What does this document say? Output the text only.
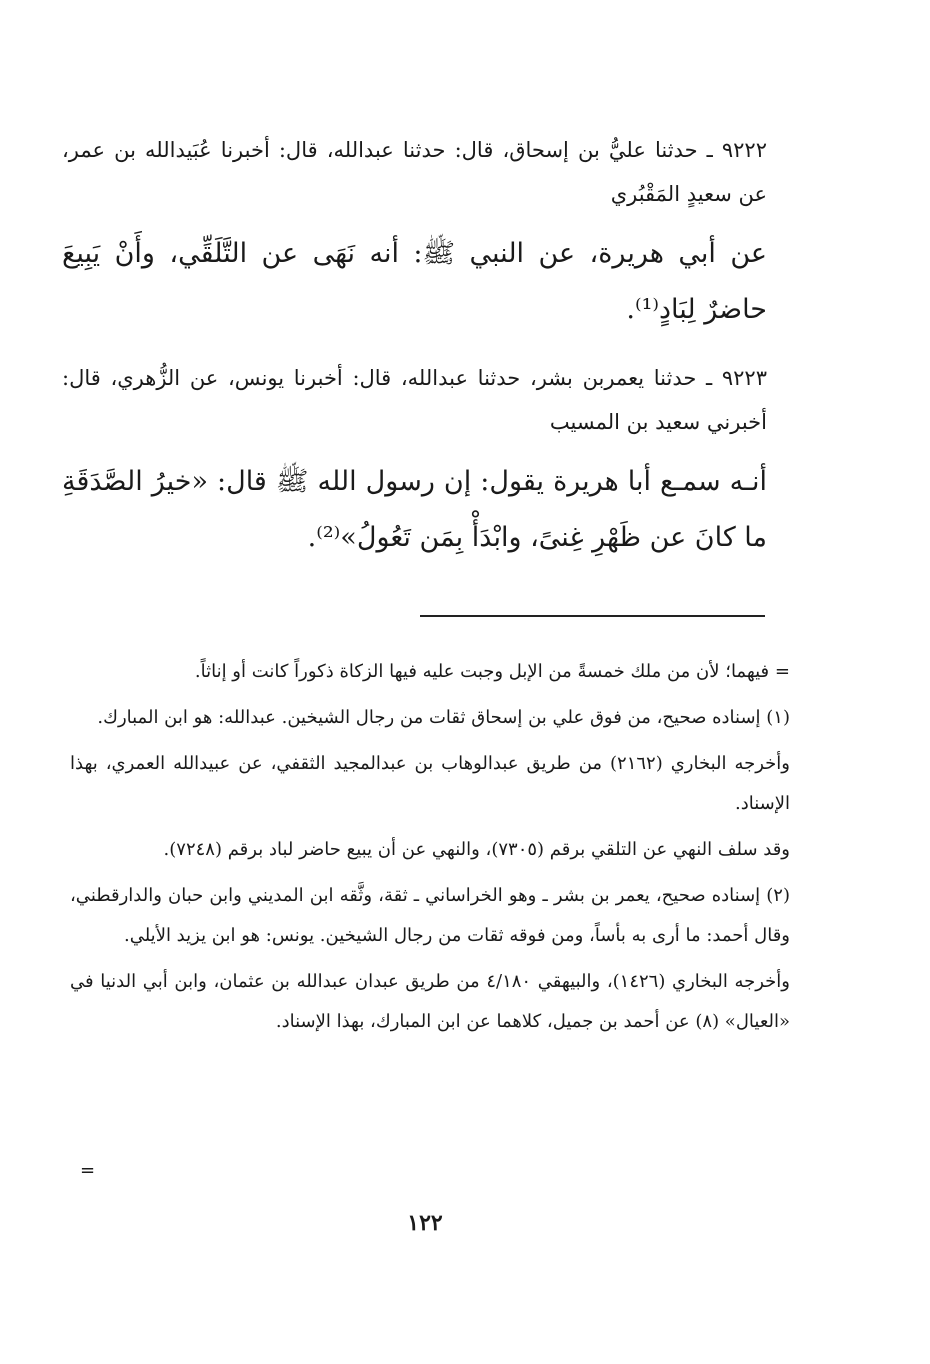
٩٢٢٢ ـ حدثنا عليُّ بن إسحاق، قال: حدثنا عبدالله، قال: أخبرنا عُبَيدالله بن عمر، عن سعيدٍ المَقْبُري

عن أبي هريرة، عن النبي ﷺ: أنه نَهَى عن التَّلَقِّي، وأَنْ يَبِيعَ حاضرٌ لِبَادٍ⁽¹⁾.

٩٢٢٣ ـ حدثنا يعمربن بشر، حدثنا عبدالله، قال: أخبرنا يونس، عن الزُّهري، قال: أخبرني سعيد بن المسيب

أنـه سمـع أبا هريرة يقول: إن رسول الله ﷺ قال: «خيرُ الصَّدَقَةِ ما كانَ عن ظَهْرِ غِنىً، وابْدَأْ بِمَن تَعُولُ»⁽²⁾.

= فيهما؛ لأن من ملك خمسةً من الإبل وجبت عليه فيها الزكاة ذكوراً كانت أو إناثاً.

(١) إسناده صحيح، من فوق علي بن إسحاق ثقات من رجال الشيخين. عبدالله: هو ابن المبارك.

وأخرجه البخاري (٢١٦٢) من طريق عبدالوهاب بن عبدالمجيد الثقفي، عن عبيدالله العمري، بهذا الإسناد.

وقد سلف النهي عن التلقي برقم (٧٣٠٥)، والنهي عن أن يبيع حاضر لباد برقم (٧٢٤٨).

(٢) إسناده صحيح، يعمر بن بشر ـ وهو الخراساني ـ ثقة، وثَّقه ابن المديني وابن حبان والدارقطني، وقال أحمد: ما أرى به بأساً، ومن فوقه ثقات من رجال الشيخين. يونس: هو ابن يزيد الأيلي.

وأخرجه البخاري (١٤٢٦)، والبيهقي ٤/١٨٠ من طريق عبدان عبدالله بن عثمان، وابن أبي الدنيا في «العيال» (٨) عن أحمد بن جميل، كلاهما عن ابن المبارك، بهذا الإسناد.

=
١٢٢
